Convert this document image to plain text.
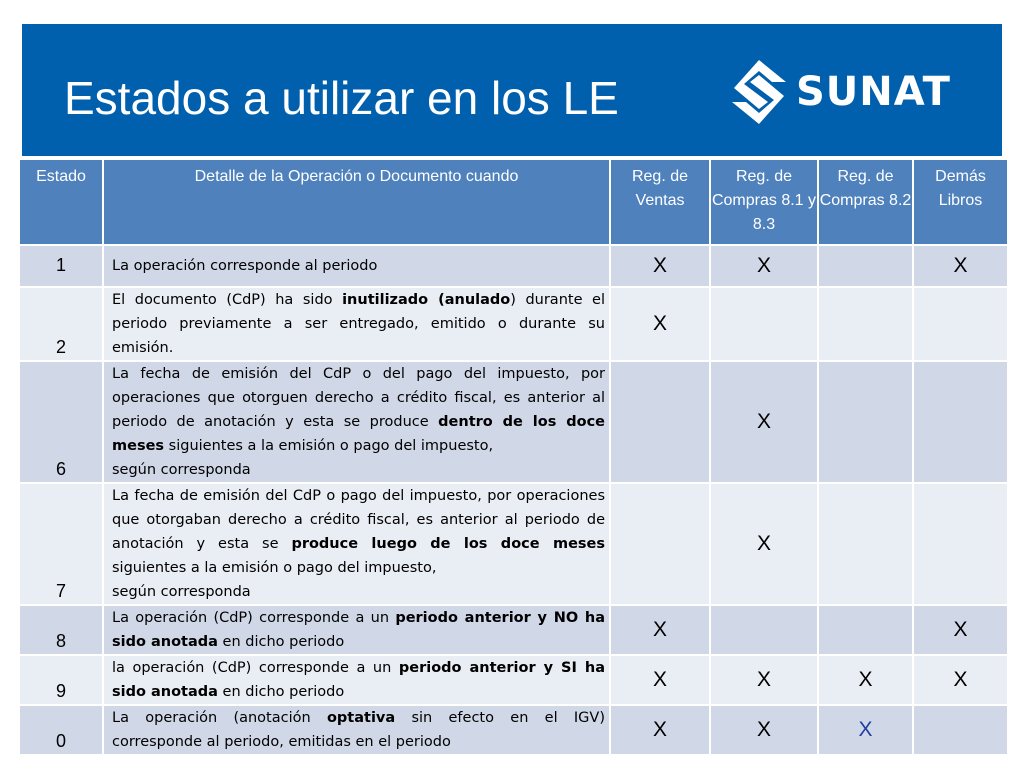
Estados a utilizar en los LE	SUNAT
Estado	Detalle de la Operación o Documento cuando	Reg. de Ventas	Reg. de Compras 8.1 y 8.3	Reg. de Compras 8.2	Demás Libros
1	La operación corresponde al periodo	X	X		X
2	El documento (CdP) ha sido inutilizado (anulado) durante el periodo previamente a ser entregado, emitido o durante su emisión.	X			
6	La fecha de emisión del CdP o del pago del impuesto, por operaciones que otorguen derecho a crédito fiscal, es anterior al periodo de anotación y esta se produce dentro de los doce meses siguientes a la emisión o pago del impuesto,
según corresponda		X		
7	La fecha de emisión del CdP o pago del impuesto, por operaciones que otorgaban derecho a crédito fiscal, es anterior al periodo de anotación y esta se produce luego de los doce meses siguientes a la emisión o pago del impuesto,
según corresponda		X		
8	La operación (CdP) corresponde a un periodo anterior y NO ha sido anotada en dicho periodo	X			X
9	la operación (CdP) corresponde a un periodo anterior y SI ha sido anotada en dicho periodo	X	X	X	X
0	La operación (anotación optativa sin efecto en el IGV) corresponde al periodo, emitidas en el periodo	X	X	X	
